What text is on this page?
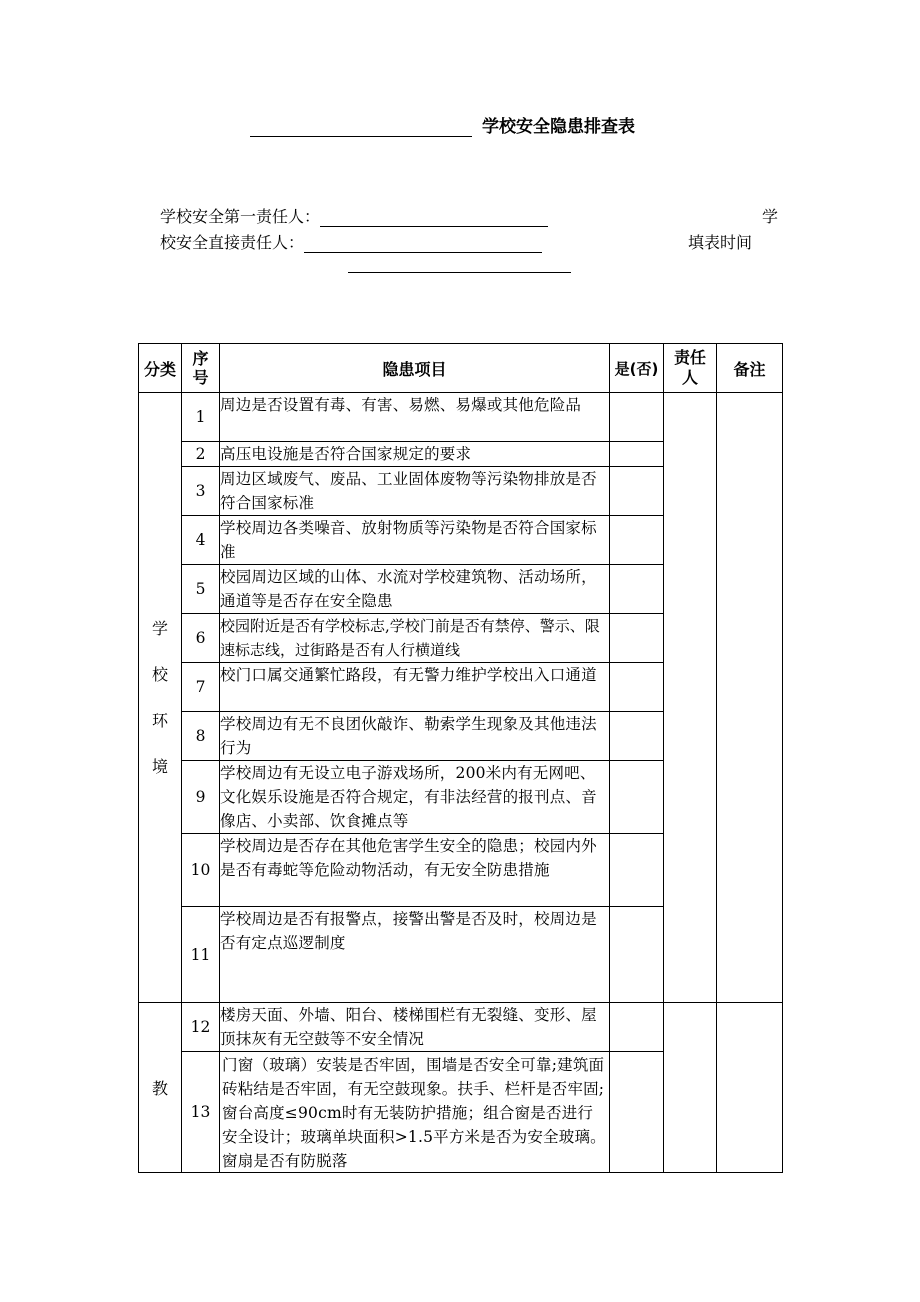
学校安全隐患排查表
学校安全第一责任人：	学
校安全直接责任人：	填表时间
分类	序号	隐患项目	是(否)	责任人	备注
学
校
环
境	1	周边是否设置有毒、有害、易燃、易爆或其他危险品			
	2	高压电设施是否符合国家规定的要求			
	3	周边区域废气、废品、工业固体废物等污染物排放是否符合国家标准			
	4	学校周边各类噪音、放射物质等污染物是否符合国家标准			
	5	校园周边区域的山体、水流对学校建筑物、活动场所，通道等是否存在安全隐患			
	6	校园附近是否有学校标志,学校门前是否有禁停、警示、限速标志线，过街路是否有人行横道线			
	7	校门口属交通繁忙路段，有无警力维护学校出入口通道			
	8	学校周边有无不良团伙敲诈、勒索学生现象及其他违法行为			
	9	学校周边有无设立电子游戏场所，200米内有无网吧、文化娱乐设施是否符合规定，有非法经营的报刊点、音像店、小卖部、饮食摊点等			
	10	学校周边是否存在其他危害学生安全的隐患；校园内外是否有毒蛇等危险动物活动，有无安全防患措施			
	11	学校周边是否有报警点，接警出警是否及时，校周边是否有定点巡逻制度			
教	12	楼房天面、外墙、阳台、楼梯围栏有无裂缝、变形、屋顶抹灰有无空鼓等不安全情况			
	13	门窗（玻璃）安装是否牢固，围墙是否安全可靠;建筑面砖粘结是否牢固，有无空鼓现象。扶手、栏杆是否牢固;窗台高度≤90cm时有无装防护措施；组合窗是否进行安全设计；玻璃单块面积>1.5平方米是否为安全玻璃。窗扇是否有防脱落			
